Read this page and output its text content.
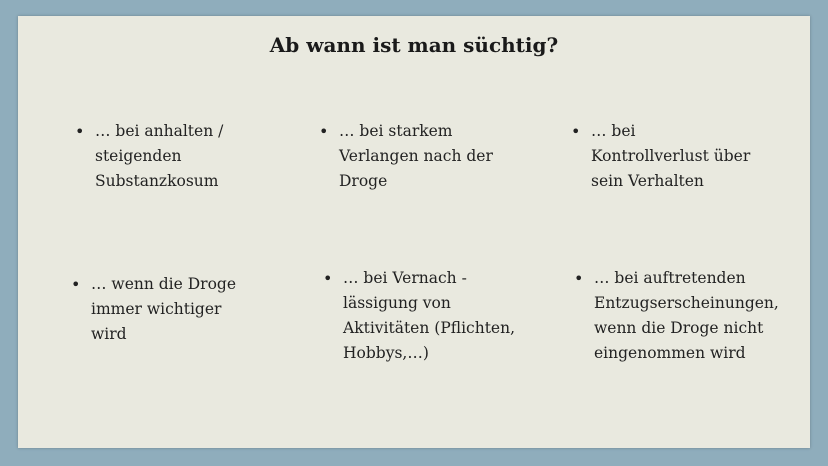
Ab wann ist man süchtig?
• … bei anhalten /
steigenden
Substanzkosum
• … bei starkem
Verlangen nach der
Droge
• … bei
Kontrollverlust über
sein Verhalten
• … wenn die Droge
immer wichtiger
wird
• … bei Vernach -
lässigung von
Aktivitäten (Pflichten,
Hobbys,…)
• … bei auftretenden
Entzugserscheinungen,
wenn die Droge nicht
eingenommen wird
